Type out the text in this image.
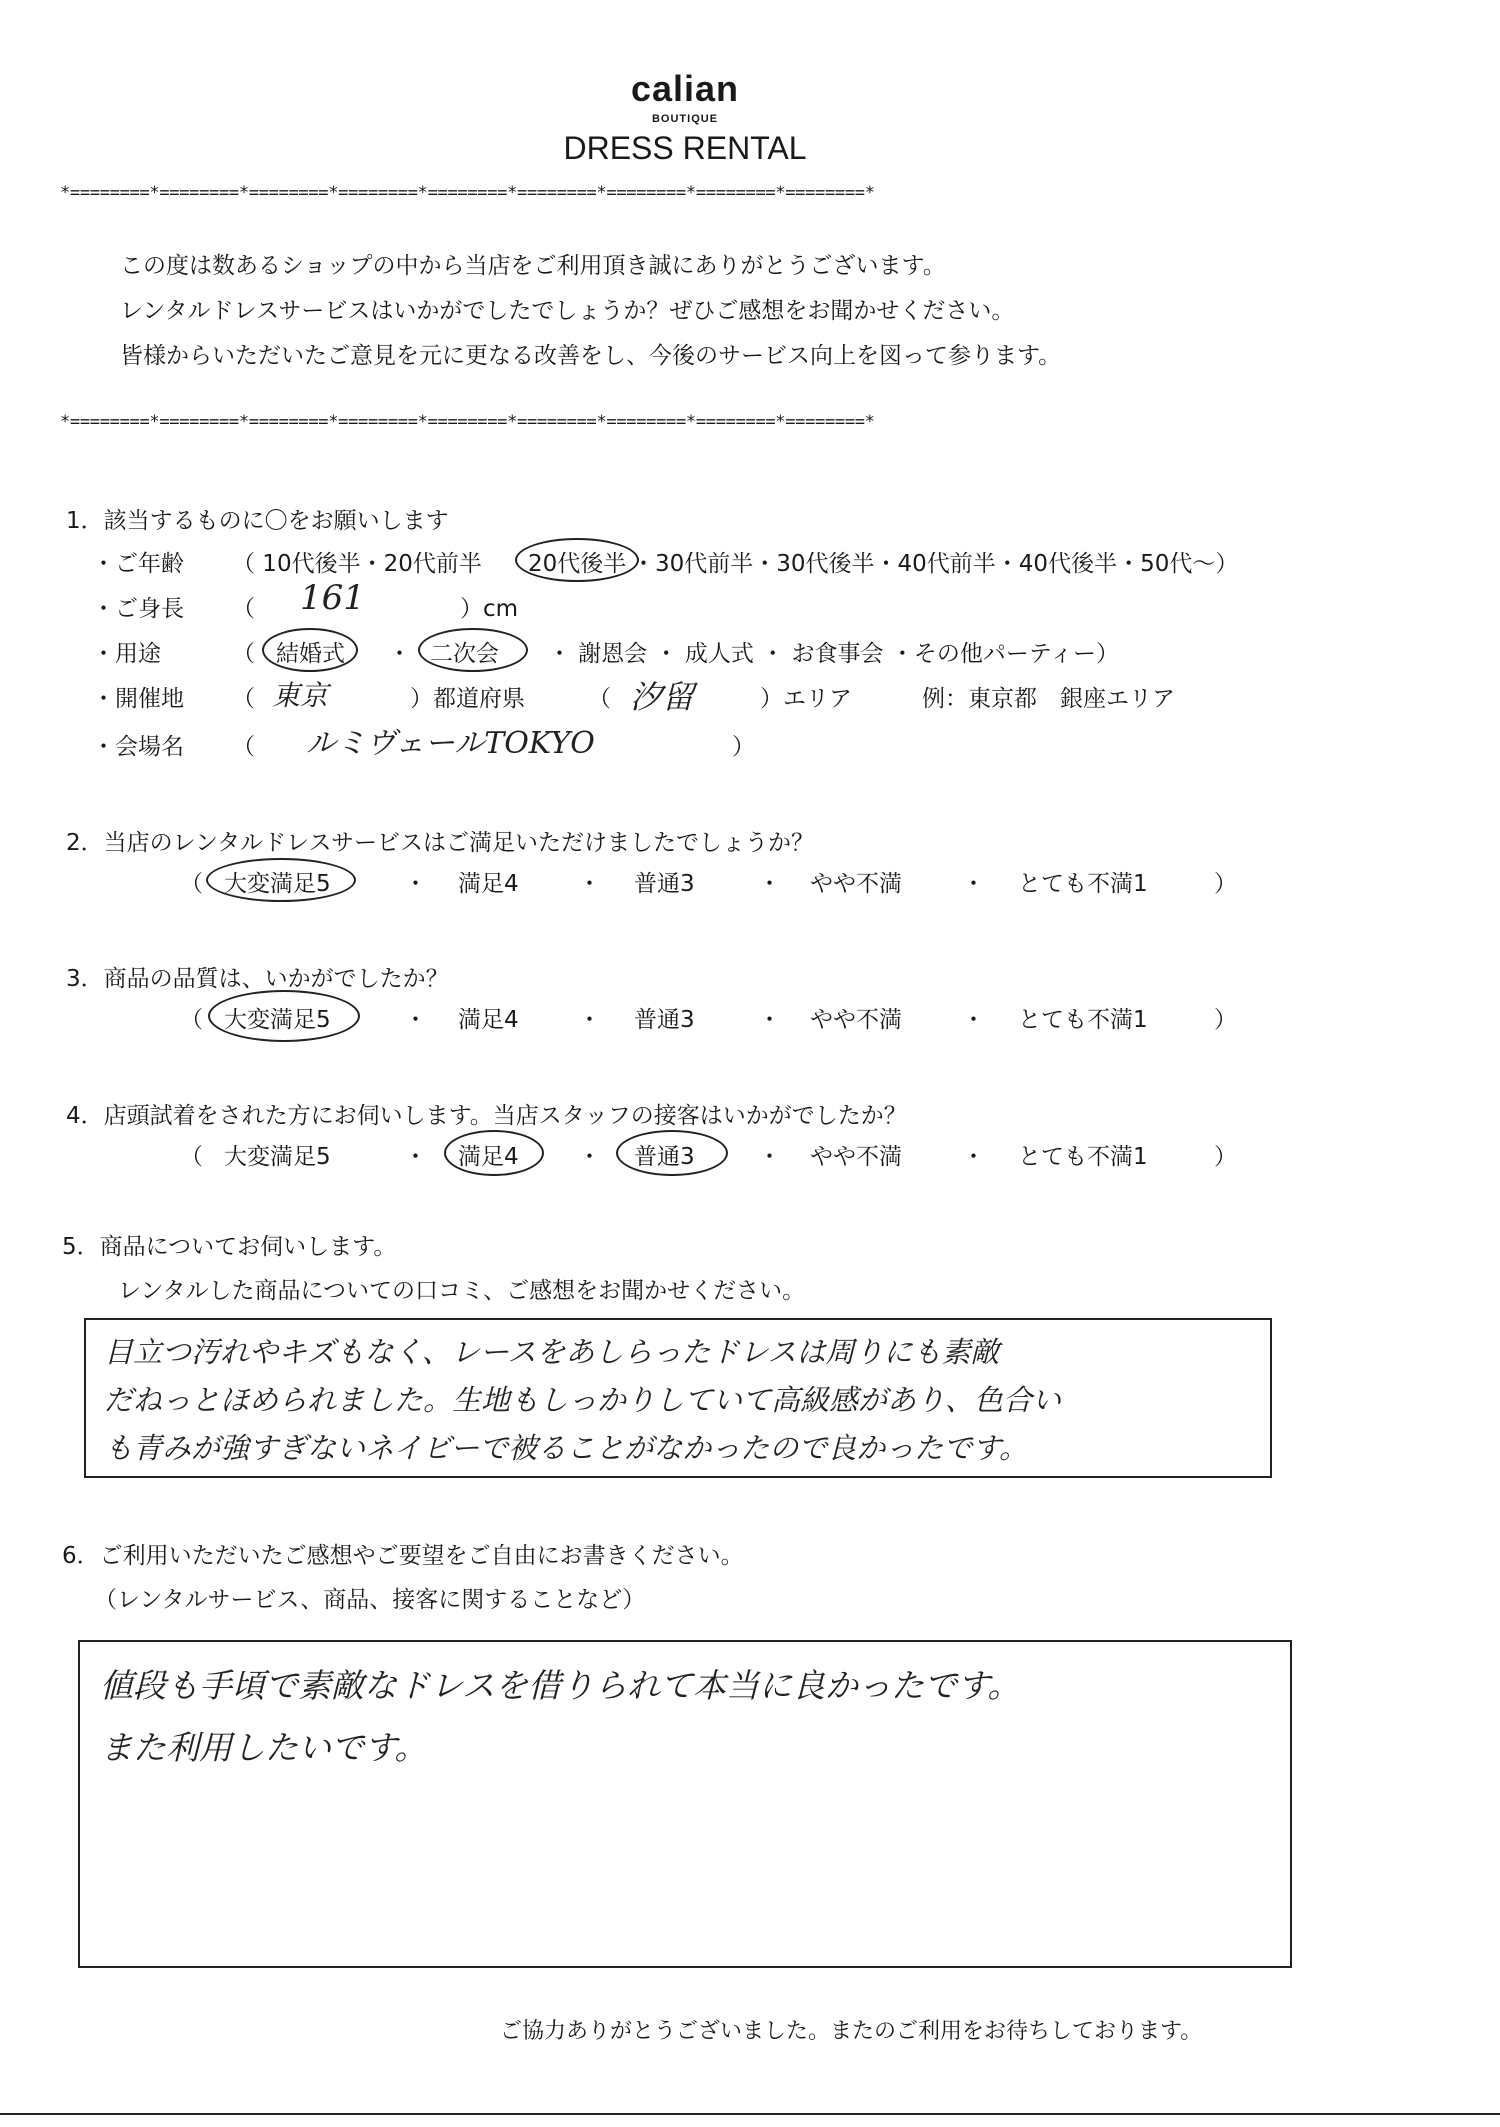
calian
BOUTIQUE
DRESS RENTAL
*========*========*========*========*========*========*========*========*========*
この度は数あるショップの中から当店をご利用頂き誠にありがとうございます。
レンタルドレスサービスはいかがでしたでしょうか？ぜひご感想をお聞かせください。
皆様からいただいたご意見を元に更なる改善をし、今後のサービス向上を図って参ります。
*========*========*========*========*========*========*========*========*========*
1．該当するものに〇をお願いします
・ご年齢 （ 10代後半・20代前半 20代後半 ・30代前半・30代後半・40代前半・40代後半・50代～）
・ご身長 （ 161	）cm
・用途	（ 結婚式 ・ 二次会 ・ 謝恩会 ・ 成人式 ・ お食事会 ・その他パーティー）
・開催地 （ 東京	）都道府県	（ 汐留	）エリア	例：東京都　銀座エリア
・会場名 （ ルミヴェールTOKYO	）
2．当店のレンタルドレスサービスはご満足いただけましたでしょうか？
（ 大変満足5	・ 満足4	・ 普通3	・ やや不満	・ とても不満1	）
3．商品の品質は、いかがでしたか？
（ 大変満足5	・ 満足4	・ 普通3	・ やや不満	・ とても不満1	）
4．店頭試着をされた方にお伺いします。当店スタッフの接客はいかがでしたか？
（ 大変満足5	・ 満足4	・ 普通3	・ やや不満	・ とても不満1	）
5．商品についてお伺いします。
レンタルした商品についての口コミ、ご感想をお聞かせください。
目立つ汚れやキズもなく、レースをあしらったドレスは周りにも素敵
だねっとほめられました。生地もしっかりしていて高級感があり、色合い
も青みが強すぎないネイビーで被ることがなかったので良かったです。
6．ご利用いただいたご感想やご要望をご自由にお書きください。
（レンタルサービス、商品、接客に関することなど）
値段も手頃で素敵なドレスを借りられて本当に良かったです。
また利用したいです。
ご協力ありがとうございました。またのご利用をお待ちしております。
